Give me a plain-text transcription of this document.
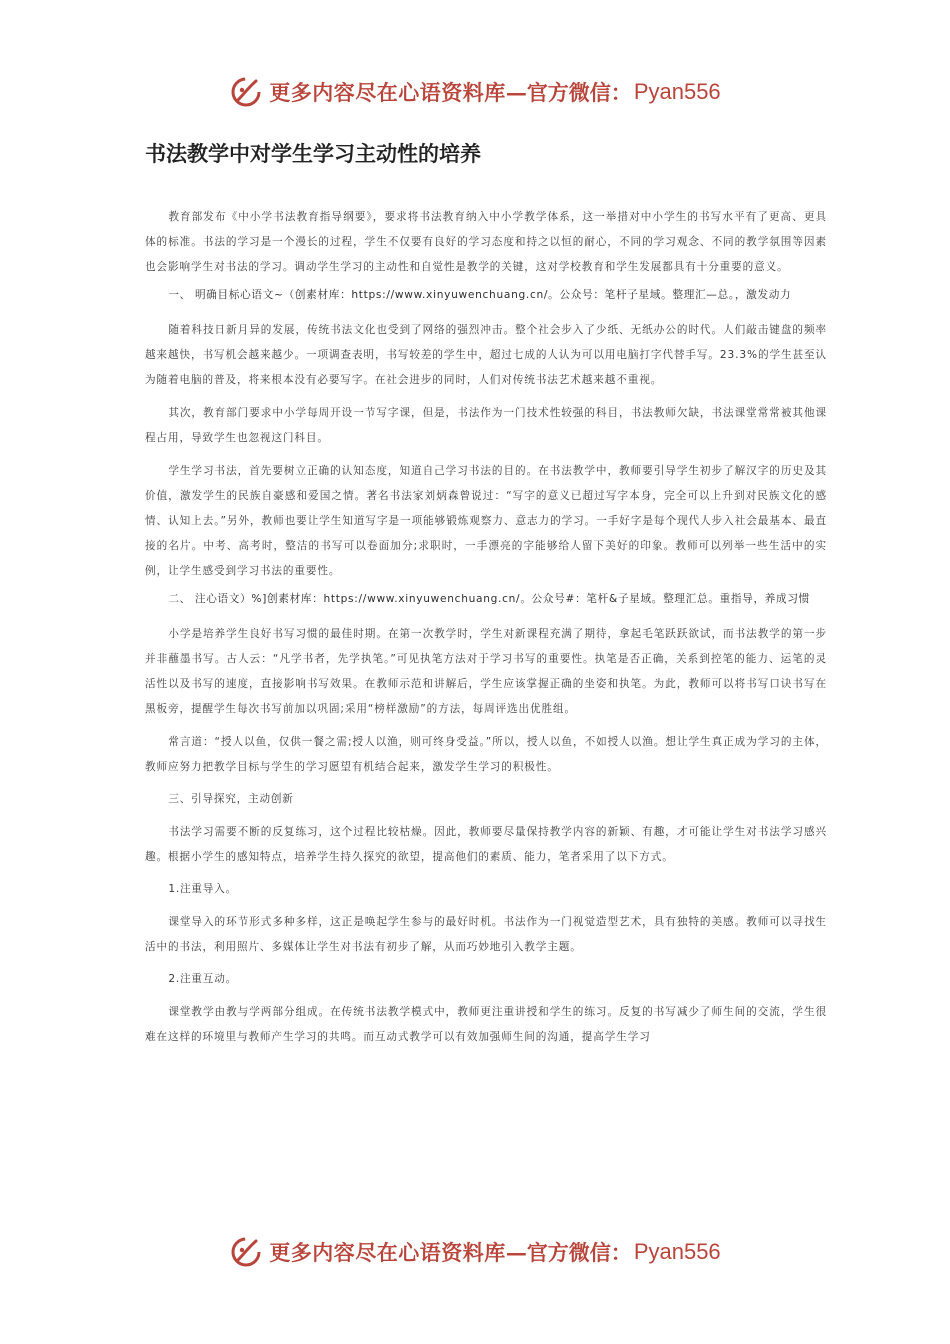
更多内容尽在心语资料库 —官方微信： Pyan556
书法教学中对学生学习主动性的培养

教育部发布《中小学书法教育指导纲要》，要求将书法教育纳入中小学教学体系，这一举措对中小学生的书写水平有了更高、更具体的标准。书法的学习是一个漫长的过程，学生不仅要有良好的学习态度和持之以恒的耐心，不同的学习观念、不同的教学氛围等因素也会影响学生对书法的学习。调动学生学习的主动性和自觉性是教学的关键，这对学校教育和学生发展都具有十分重要的意义。

一、 明确目标心语文~（创素材库：https://www.xinyuwenchuang.cn/。公众号：笔杆子星域。整理汇—总。，激发动力

随着科技日新月异的发展，传统书法文化也受到了网络的强烈冲击。整个社会步入了少纸、无纸办公的时代。人们敲击键盘的频率越来越快，书写机会越来越少。一项调查表明，书写较差的学生中，超过七成的人认为可以用电脑打字代替手写。23.3%的学生甚至认为随着电脑的普及，将来根本没有必要写字。在社会进步的同时，人们对传统书法艺术越来越不重视。

其次，教育部门要求中小学每周开设一节写字课，但是，书法作为一门技术性较强的科目，书法教师欠缺，书法课堂常常被其他课程占用，导致学生也忽视这门科目。

学生学习书法，首先要树立正确的认知态度，知道自己学习书法的目的。在书法教学中，教师要引导学生初步了解汉字的历史及其价值，激发学生的民族自豪感和爱国之情。著名书法家刘炳森曾说过：“写字的意义已超过写字本身，完全可以上升到对民族文化的感情、认知上去。”另外，教师也要让学生知道写字是一项能够锻炼观察力、意志力的学习。一手好字是每个现代人步入社会最基本、最直接的名片。中考、高考时，整洁的书写可以卷面加分;求职时，一手漂亮的字能够给人留下美好的印象。教师可以列举一些生活中的实例，让学生感受到学习书法的重要性。

二、 注心语文）%]创素材库：https://www.xinyuwenchuang.cn/。公众号#：笔杆&子星域。整理汇总。重指导，养成习惯

小学是培养学生良好书写习惯的最佳时期。在第一次教学时，学生对新课程充满了期待，拿起毛笔跃跃欲试，而书法教学的第一步并非蘸墨书写。古人云：“凡学书者，先学执笔。”可见执笔方法对于学习书写的重要性。执笔是否正确，关系到控笔的能力、运笔的灵活性以及书写的速度，直接影响书写效果。在教师示范和讲解后，学生应该掌握正确的坐姿和执笔。为此，教师可以将书写口诀书写在黑板旁，提醒学生每次书写前加以巩固;采用“榜样激励”的方法，每周评选出优胜组。

常言道：“授人以鱼，仅供一餐之需;授人以渔，则可终身受益。”所以，授人以鱼，不如授人以渔。想让学生真正成为学习的主体，教师应努力把教学目标与学生的学习愿望有机结合起来，激发学生学习的积极性。

三、引导探究，主动创新

书法学习需要不断的反复练习，这个过程比较枯燥。因此，教师要尽量保持教学内容的新颖、有趣，才可能让学生对书法学习感兴趣。根据小学生的感知特点，培养学生持久探究的欲望，提高他们的素质、能力，笔者采用了以下方式。

1.注重导入。

课堂导入的环节形式多种多样，这正是唤起学生参与的最好时机。书法作为一门视觉造型艺术，具有独特的美感。教师可以寻找生活中的书法，利用照片、多媒体让学生对书法有初步了解，从而巧妙地引入教学主题。

2.注重互动。

课堂教学由教与学两部分组成。在传统书法教学模式中，教师更注重讲授和学生的练习。反复的书写减少了师生间的交流，学生很难在这样的环境里与教师产生学习的共鸣。而互动式教学可以有效加强师生间的沟通，提高学生学习

更多内容尽在心语资料库 —官方微信： Pyan556
